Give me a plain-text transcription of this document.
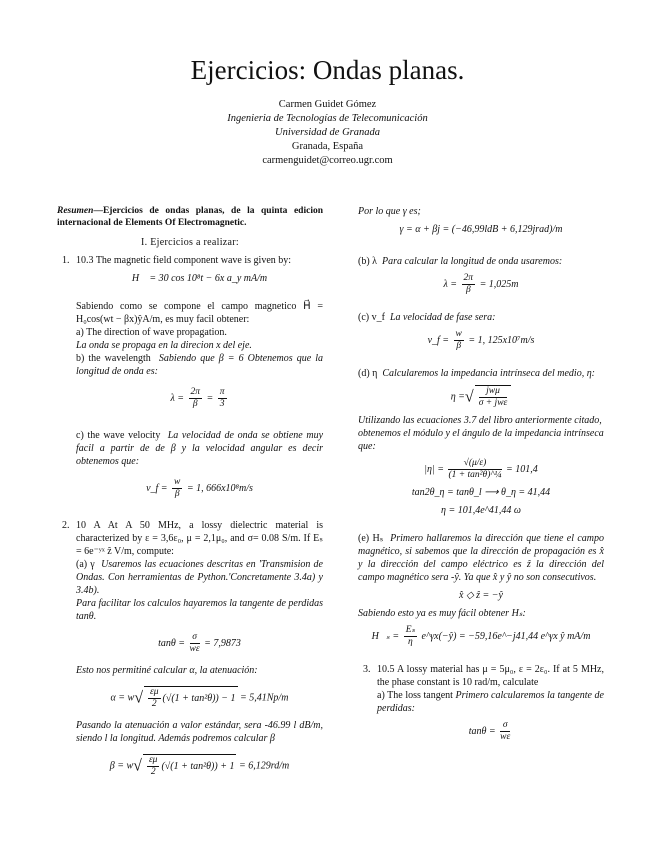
Ejercicios: Ondas planas.
Carmen Guidet Gómez
Ingenieria de Tecnologías de Telecomunicación
Universidad de Granada
Granada, España
carmenguidet@correo.ugr.com

Resumen—Ejercicios de ondas planas, de la quinta edicion internacional de Elements Of Electromagnetic.

I. Ejercicios a realizar:
1. 10.3 The magnetic field component wave is given by:

H⃗ = 30 cos 10⁸t − 6x a_y mA/m

Sabiendo como se compone el campo magnetico H⃗ = H₀cos(wt − βx)ŷA/m, es muy facil obtener:

a) The direction of wave propagation.

La onda se propaga en la direcion x del eje.

b) the wavelength Sabiendo que β = 6 Obtenemos que la longitud de onda es:

$\lambda = \frac{2\pi}{\beta} = \frac{\pi}{3}$

c) the wave velocity La velocidad de onda se obtiene muy facil a partir de de β y la velocidad angular es decir obtenemos que:

v_f = $\frac{w}{\beta} = 1$, 666x10⁸m/s
2. 10 A At A 50 MHz, a lossy dielectric material is characterized by ε = 3,6ε₀, μ = 2,1μ₀, and σ= 0.08 S/m. If Eₛ = 6e⁻ʸˣ ẑ V/m, compute:

(a) γ Usaremos las ecuaciones descritas en 'Transmision de Ondas. Con herramientas de Python.'Concretamente 3.4a) y 3.4b).

Para facilitar los calculos hayaremos la tangente de perdidas tanθ.

$\tan\theta = \frac{\sigma}{w\varepsilon} = 7,9873$

Esto nos permitiné calcular α, la atenuación:

$\alpha = w√ \frac{\varepsilon\mu}{2} (√(1 + \tan^2\theta)) - 1 = 5,41Np/m$

Pasando la atenuación a valor estándar, sera -46.99 l dB/m, siendo l la longitud. Además podremos calcular β

$\beta = w√ \frac{\varepsilon\mu}{2} (√(1 + \tan^2\theta)) + 1 = 6,129rd/m$

Por lo que γ es;

γ = α + βj = (−46,99ldB + 6,129jrad)/m

(b) λ Para calcular la longitud de onda usaremos:

$\lambda = \frac{2\pi}{\beta} = 1,025m$

(c) v_f La velocidad de fase sera:

v_f = $\frac{w}{\beta} = 1$, 125x10⁷m/s

(d) η Calcularemos la impedancia intrínseca del medio, η:

η =√ $\frac{\text{jwμ}}{\text{σ + jwε}}$

Utilizando las ecuaciones 3.7 del libro anteriormente citado, obtenemos el módulo y el ángulo de la impedancia intrínseca que:

$|\eta| = \frac{√(\mu/\varepsilon)}{\text{(1 + tan²θ)\textasciicircum{}¼}} = 101,4$
tan2θ_η = tanθ_l ⟶ θ_η = 41,44
η = 101,4e^41,44 ω

(e) Hₛ Primero hallaremos la dirección que tiene el campo magnético, si sabemos que la dirección de propagación es x̂ y la dirección del campo eléctrico es ẑ la dirección del campo magnético sera -ŷ. Ya que x̂ y ŷ no son consecutivos.

x̂ ◇ ẑ = −ŷ

Sabiendo esto ya es muy fácil obtener Hₛ:

H⃗ₛ = $\frac{\text{Eₛ}}{\eta}$ e^γx(−ŷ) = −59,16e^−j41,44 e^γx ŷ mA/m
3. 10.5 A lossy material has μ = 5μ₀, ε = 2ε₀. If at 5 MHz, the phase constant is 10 rad/m, calculate

a) The loss tangent Primero calcularemos la tangente de perdidas:

$\tan\theta = \frac{\sigma}{w\varepsilon}$
